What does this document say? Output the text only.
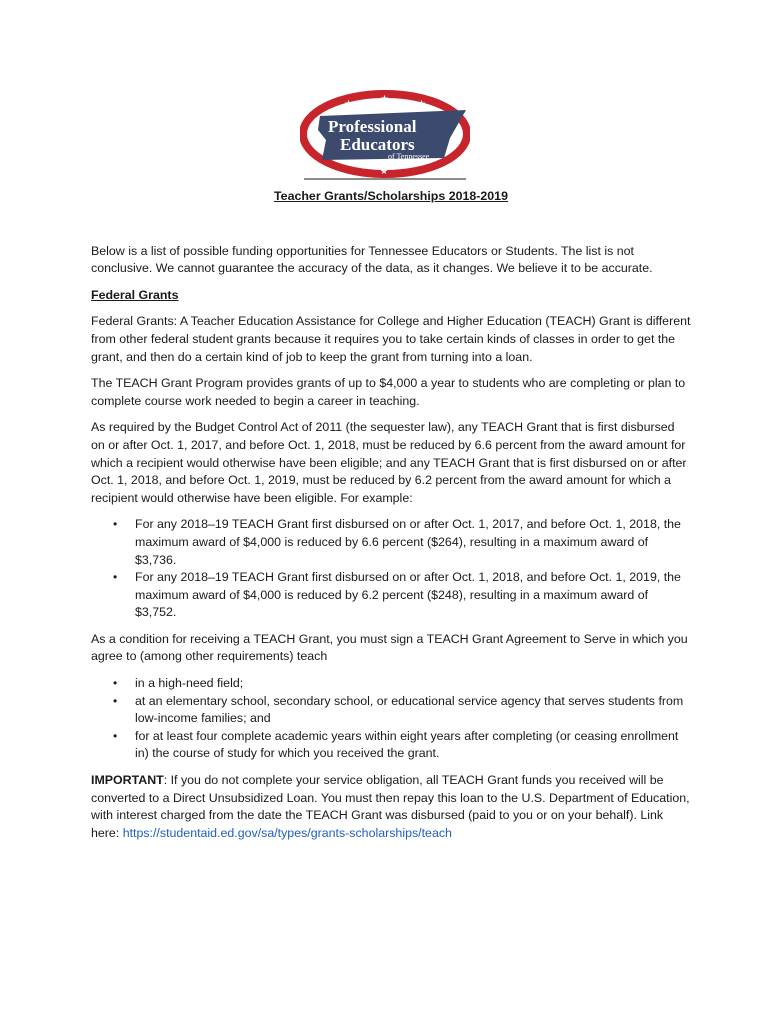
★	★	★
★
Professional
Educators
of Tennessee
Teacher Grants/Scholarships 2018-2019

Below is a list of possible funding opportunities for Tennessee Educators or Students. The list is not conclusive. We cannot guarantee the accuracy of the data, as it changes. We believe it to be accurate.

Federal Grants

Federal Grants: A Teacher Education Assistance for College and Higher Education (TEACH) Grant is different from other federal student grants because it requires you to take certain kinds of classes in order to get the grant, and then do a certain kind of job to keep the grant from turning into a loan.

The TEACH Grant Program provides grants of up to $4,000 a year to students who are completing or plan to complete course work needed to begin a career in teaching.

As required by the Budget Control Act of 2011 (the sequester law), any TEACH Grant that is first disbursed on or after Oct. 1, 2017, and before Oct. 1, 2018, must be reduced by 6.6 percent from the award amount for which a recipient would otherwise have been eligible; and any TEACH Grant that is first disbursed on or after Oct. 1, 2018, and before Oct. 1, 2019, must be reduced by 6.2 percent from the award amount for which a recipient would otherwise have been eligible. For example:

• For any 2018–19 TEACH Grant first disbursed on or after Oct. 1, 2017, and before Oct. 1, 2018, the maximum award of $4,000 is reduced by 6.6 percent ($264), resulting in a maximum award of $3,736.
• For any 2018–19 TEACH Grant first disbursed on or after Oct. 1, 2018, and before Oct. 1, 2019, the maximum award of $4,000 is reduced by 6.2 percent ($248), resulting in a maximum award of $3,752.

As a condition for receiving a TEACH Grant, you must sign a TEACH Grant Agreement to Serve in which you agree to (among other requirements) teach

• in a high-need field;
• at an elementary school, secondary school, or educational service agency that serves students from low-income families; and
• for at least four complete academic years within eight years after completing (or ceasing enrollment in) the course of study for which you received the grant.

IMPORTANT: If you do not complete your service obligation, all TEACH Grant funds you received will be converted to a Direct Unsubsidized Loan. You must then repay this loan to the U.S. Department of Education, with interest charged from the date the TEACH Grant was disbursed (paid to you or on your behalf). Link here: https://studentaid.ed.gov/sa/types/grants-scholarships/teach
